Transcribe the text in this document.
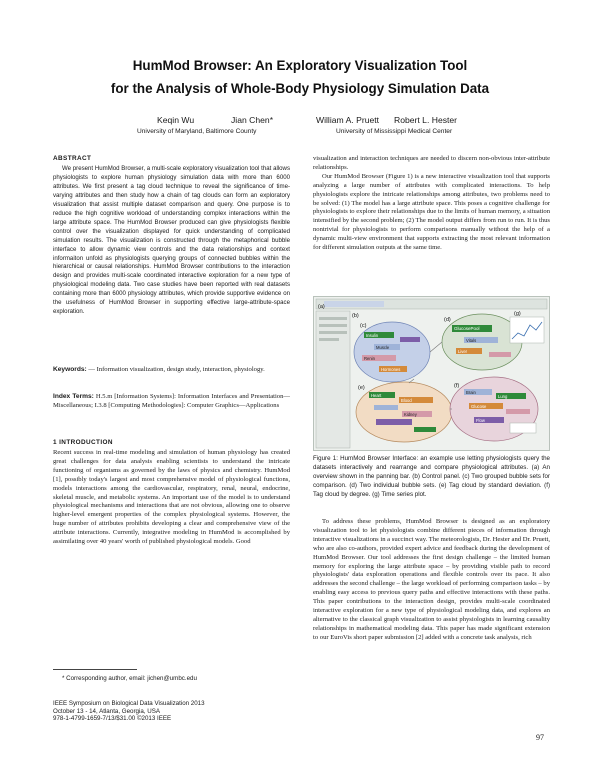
HumMod Browser: An Exploratory Visualization Tool
for the Analysis of Whole-Body Physiology Simulation Data
Keqin Wu	Jian Chen*	William A. Pruett Robert L. Hester
University of Maryland, Baltimore County	University of Mississippi Medical Center
ABSTRACT

We present HumMod Browser, a multi-scale exploratory visualization tool that allows physiologists to explore human physiology simulation data with more than 6000 attributes. We first present a tag cloud technique to reveal the significance of time-varying attributes and then study how a chain of tag clouds can form an exploratory visualization that assist multiple dataset comparison and query. One purpose is to reduce the high cognitive workload of understanding complex interactions within the large attribute space. The HumMod Browser produced can give physiologists flexible control over the visualization displayed for quick understanding of complicated simulation results. The visualization is constructed through the metaphorical bubble interface to allow dynamic view controls and the data relationships and context informaiton unfold as physiologists querying groups of connected bubbles within the hierarchical or causal relationships. HumMod Browser contributions to the interaction design and provides multi-scale coordinated interactive exploration for a new type of physiological modeling data. Two case studies have been reported with real datasets containing more than 6000 physiology attributes, which provide supportive evidence on the usefulness of HumMod Browser in supporting effective large-attribute-space exploration.

Keywords: — Information visualization, design study, interaction, physiology.

Index Terms: H.5.m [Information Systems]: Information Interfaces and Presentation—Miscellaneous; I.3.8 [Computing Methodologies]: Computer Graphics—Applications

1 INTRODUCTION

Recent success in real-time modeling and simulation of human physiology has created great challenges for data analysis enabling scientists to understand the intricate functioning of organisms as governed by the laws of physics and chemistry. HumMod [1], possibly today's largest and most comprehensive model of physiological functions, models interactions among the cardiovascular, respiratory, renal, neural, endocrine, skeletal muscle, and metabolic systems. An important use of the model is to understand physiological mechanisms and interactions that are not obvious, allowing one to observe higher-level emergent properties of the complex physiological systems. However, the huge number of attributes prohibits developing a clear and comprehensive view of the attribute interactions. Currently, integrative modeling in HumMod is accomplished by assimilating over 40 years' worth of published physiological models. Good

* Corresponding author, email: jichen@umbc.edu
IEEE Symposium on Biological Data Visualization 2013
October 13 - 14, Atlanta, Georgia, USA
978-1-4799-1659-7/13/$31.00 ©2013 IEEE

visualization and interaction techniques are needed to discern non-obvious inter-attribute relationships.

Our HumMod Browser (Figure 1) is a new interactive visualization tool that supports analyzing a large number of attributes with complicated interactions. To help physiologists explore the intricate relationships among attributes, two problems need to be solved: (1) The model has a large attribute space. This poses a cognitive challenge for physiologists to explore their relationships due to the limits of human memory, a situation intensified by the second problem; (2) The model output differs from run to run. It is thus nontrivial for physiologists to perform comparisons manually without the help of a dynamic multi-view environment that supports extracting the most relevant information for different simulation outputs at the same time.

(a)
(b)
(c)
(d)
(e)	(f)
(g)
GlucosePool
Insulin
Muscle
Renin
Hormones
Vitals
Liver
Heart
Blood
Kidney
Brain
Lung
Glucose
Flow

Figure 1: HumMod Browser Interface: an example use letting physiologists query the datasets interactively and rearrange and compare physiological attributes. (a) An overview shown in the panning bar. (b) Control panel. (c) Two grouped bubble sets for comparison. (d) Two individual bubble sets. (e) Tag cloud by standard deviation. (f) Tag cloud by degree. (g) Time series plot.

To address these problems, HumMod Browser is designed as an exploratory visualization tool to let physiologists combine different pieces of information through interactive visualizations in a succinct way. The meteorologists, Dr. Hester and Dr. Pruett, who are also co-authors, provided expert advice and feedback during the development of HumMod Browser. Our tool addresses the first design challenge – the limited human memory for exploring the large attribute space – by providing visible path to record physiologists' data exploration operations and flexible controls over its pace. It also addresses the second challenge – the large workload of performing comparison tasks – by enabling easy access to previous query paths and effective interactions with these paths. This paper contributions to the interaction design, provides multi-scale coordinated interactive exploration for a new type of physiological modeling data, and explores an alternative to the classical graph visualization to assist physiologists in learning causality relationships in mathematical modeling data. This paper has made significant extension to our EuroVis short paper submission [2] added with a concrete task analysis, rich

97
